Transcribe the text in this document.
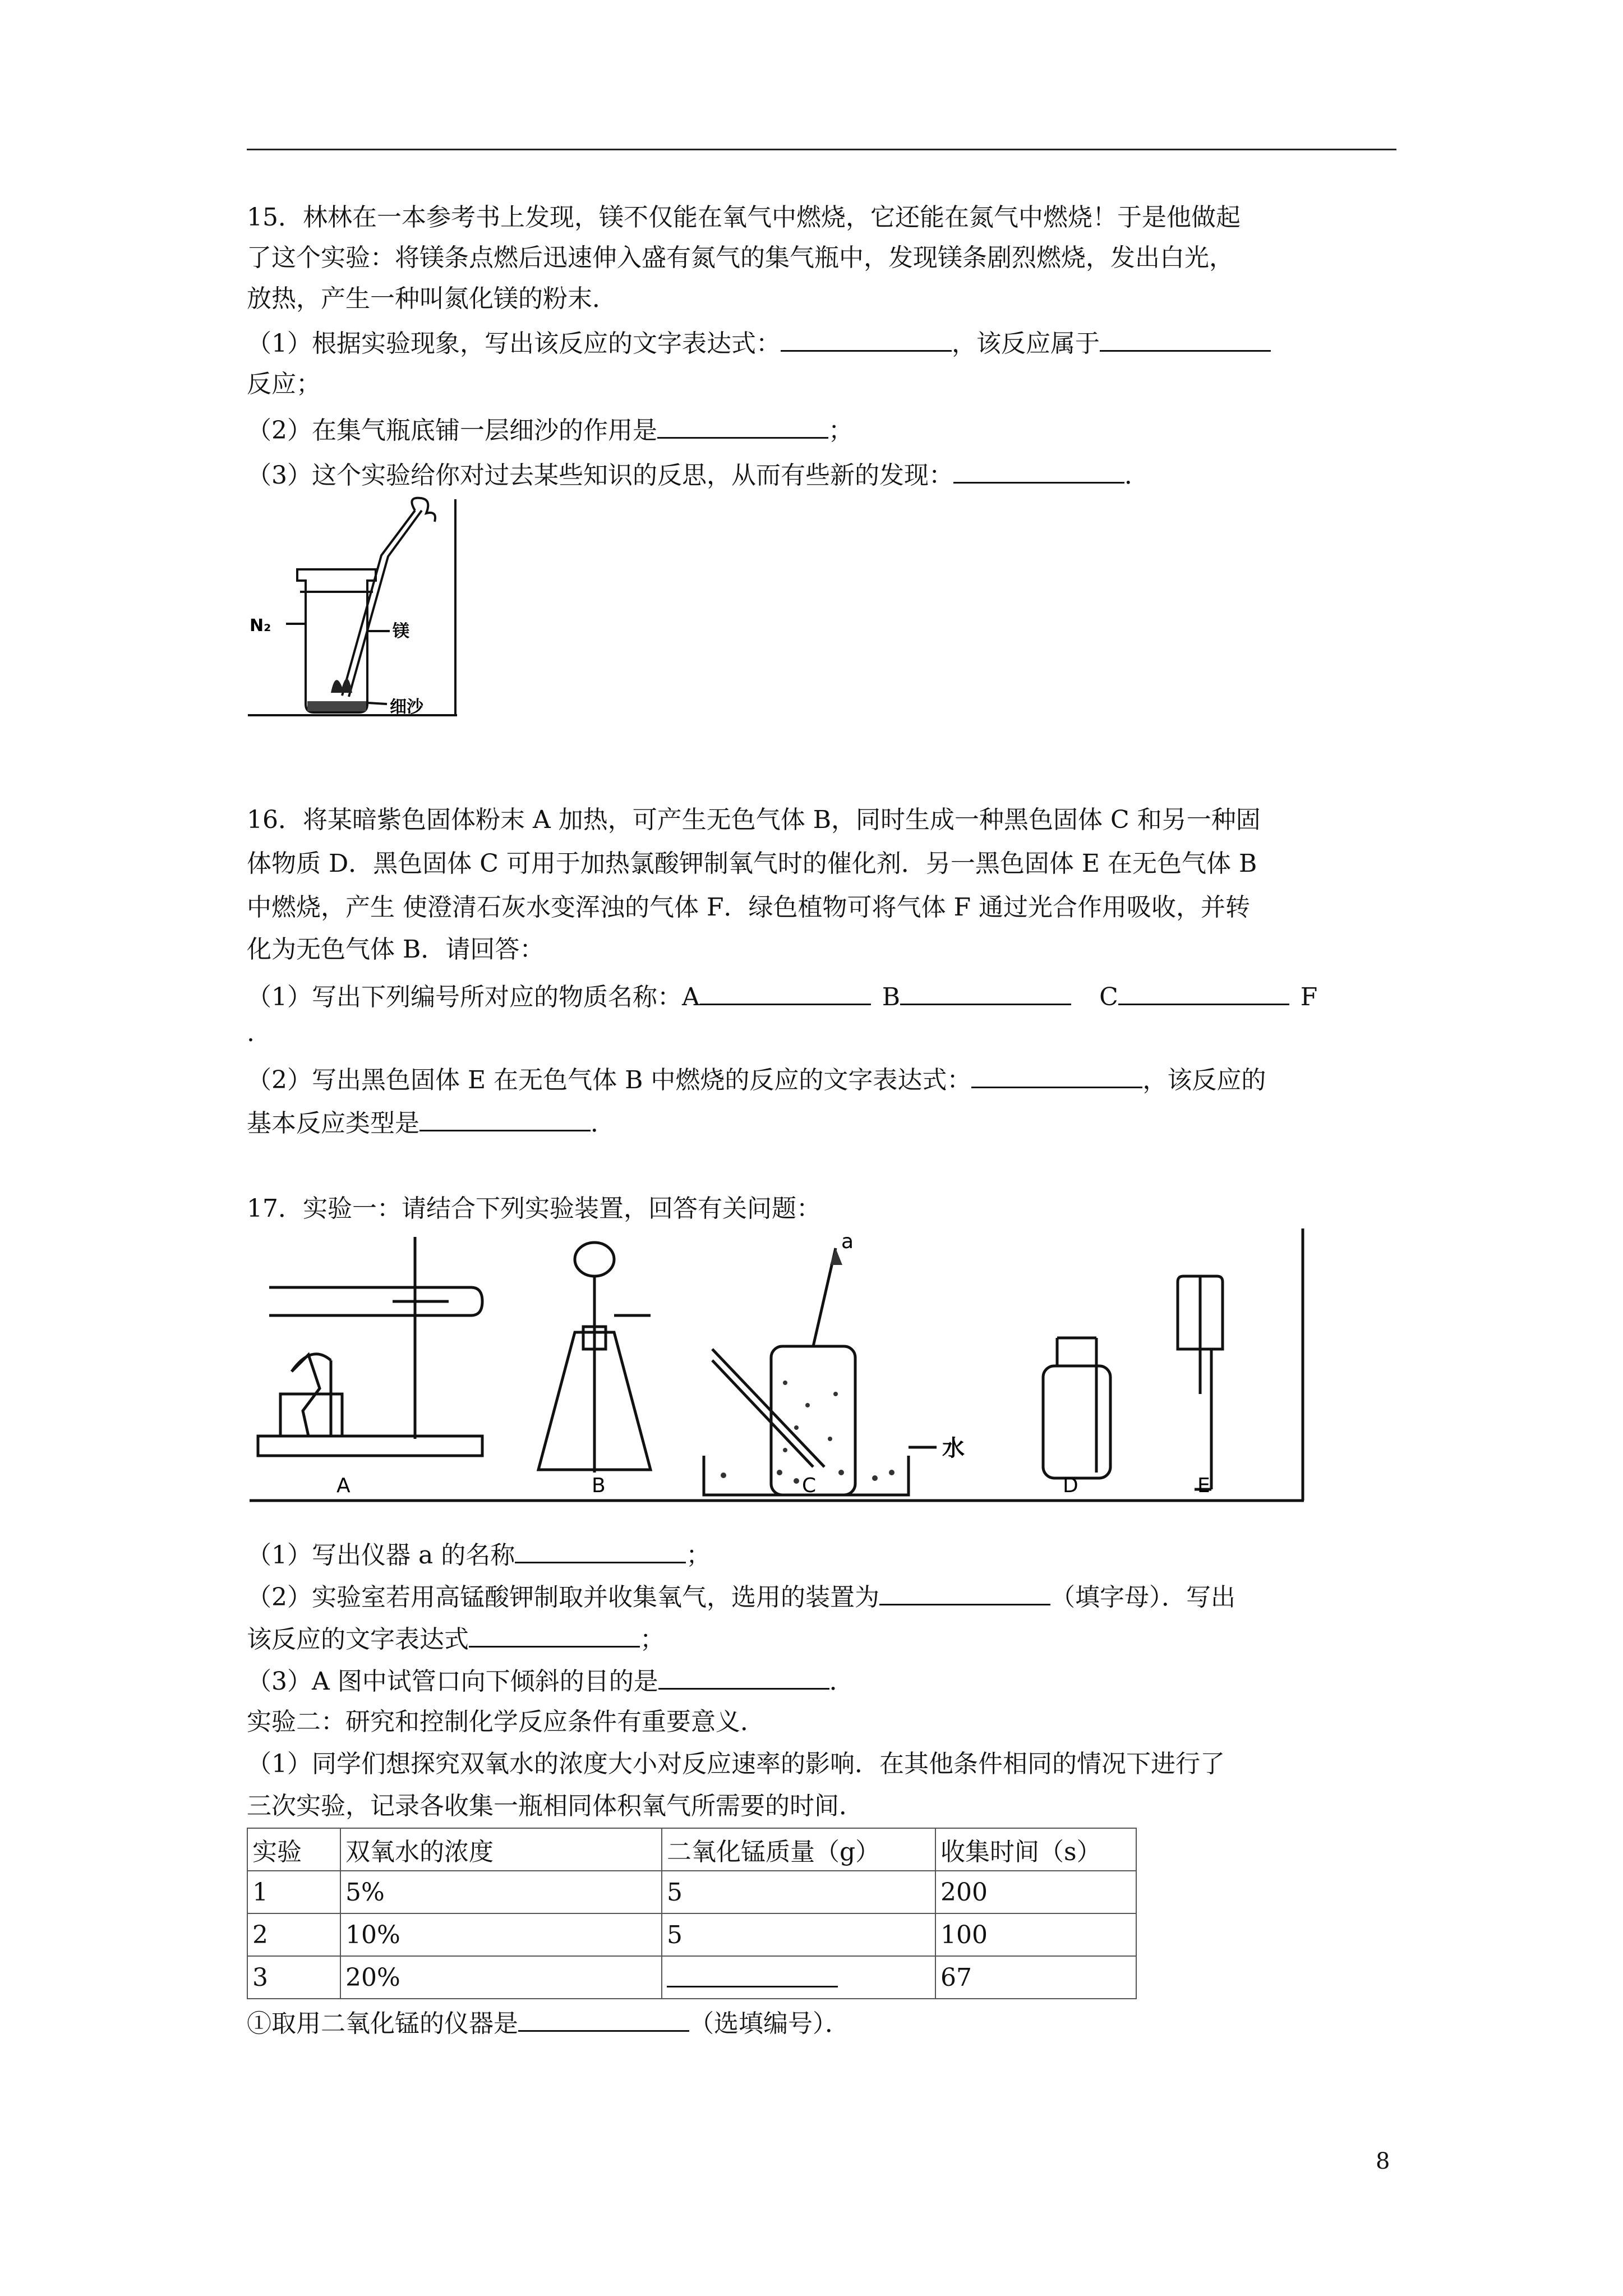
15．林林在一本参考书上发现，镁不仅能在氧气中燃烧，它还能在氮气中燃烧！于是他做起
了这个实验：将镁条点燃后迅速伸入盛有氮气的集气瓶中，发现镁条剧烈燃烧，发出白光，
放热，产生一种叫氮化镁的粉末．
（1）根据实验现象，写出该反应的文字表达式：	，该反应属于
反应；
（2）在集气瓶底铺一层细沙的作用是	；
（3）这个实验给你对过去某些知识的反思，从而有些新的发现：	．
N₂	镁
细沙
16．将某暗紫色固体粉末 A 加热，可产生无色气体 B，同时生成一种黑色固体 C 和另一种固
体物质 D．黑色固体 C 可用于加热氯酸钾制氧气时的催化剂．另一黑色固体 E 在无色气体 B
中燃烧，产生 使澄清石灰水变浑浊的气体 F．绿色植物可将气体 F 通过光合作用吸收，并转
化为无色气体 B．请回答：
（1）写出下列编号所对应的物质名称：A	B	C	F
.
（2）写出黑色固体 E 在无色气体 B 中燃烧的反应的文字表达式：	，该反应的
基本反应类型是	．
17．实验一：请结合下列实验装置，回答有关问题：
a
水
A	B	C	D	E
（1）写出仪器 a 的名称	；
（2）实验室若用高锰酸钾制取并收集氧气，选用的装置为	（填字母）．写出
该反应的文字表达式	；
（3）A 图中试管口向下倾斜的目的是	．
实验二：研究和控制化学反应条件有重要意义．
（1）同学们想探究双氧水的浓度大小对反应速率的影响．在其他条件相同的情况下进行了
三次实验，记录各收集一瓶相同体积氧气所需要的时间．
实验	双氧水的浓度	二氧化锰质量（g）	收集时间（s）
1	5%	5	200
2	10%	5	100
3	20%		67
①取用二氧化锰的仪器是	（选填编号）．
8
